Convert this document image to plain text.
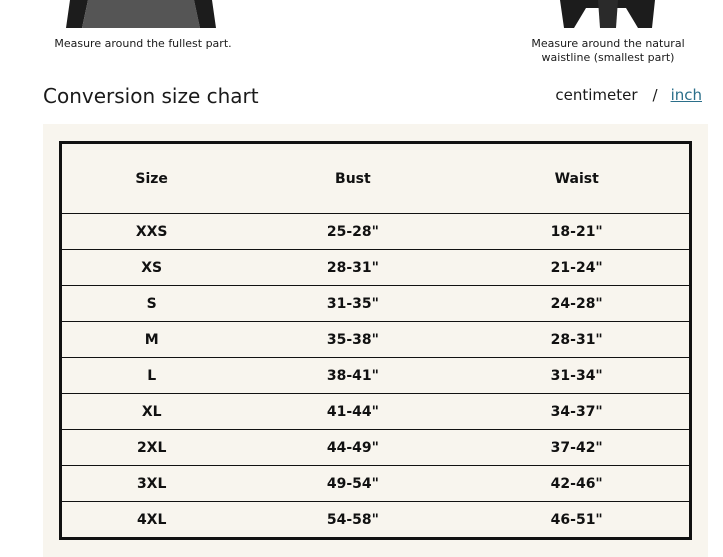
Measure around the fullest part.	Measure around the natural waistline (smallest part)
Conversion size chart	centimeter / inch
Size	Bust	Waist
XXS	25-28"	18-21"
XS	28-31"	21-24"
S	31-35"	24-28"
M	35-38"	28-31"
L	38-41"	31-34"
XL	41-44"	34-37"
2XL	44-49"	37-42"
3XL	49-54"	42-46"
4XL	54-58"	46-51"
